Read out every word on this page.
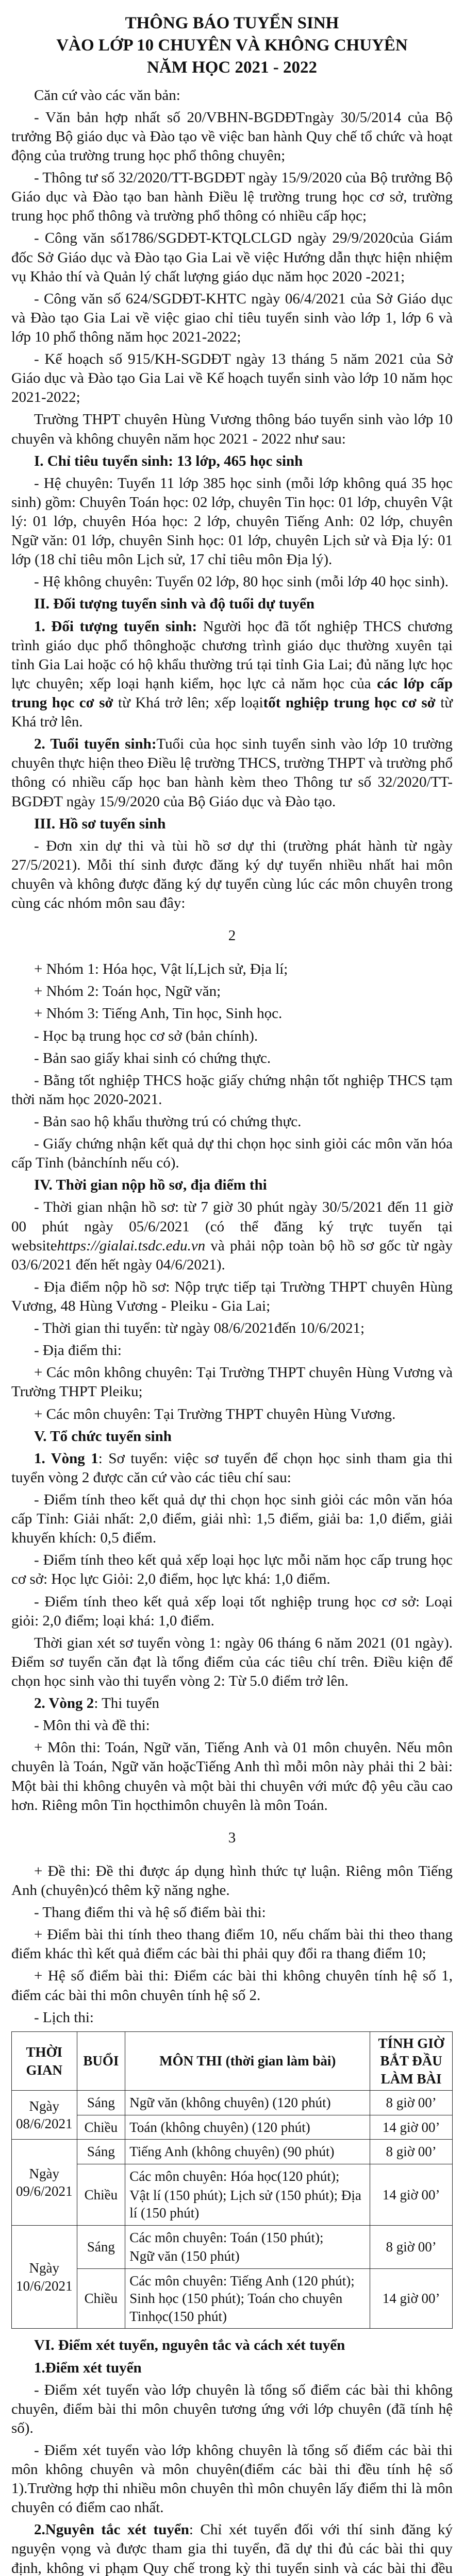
THÔNG BÁO TUYỂN SINH
VÀO LỚP 10 CHUYÊN VÀ KHÔNG CHUYÊN
NĂM HỌC 2021 - 2022

Căn cứ vào các văn bản:

- Văn bản hợp nhất số 20/VBHN-BGDĐTngày 30/5/2014 của Bộ trưởng Bộ giáo dục và Đào tạo về việc ban hành Quy chế tổ chức và hoạt động của trường trung học phổ thông chuyên;

- Thông tư số 32/2020/TT-BGDĐT ngày 15/9/2020 của Bộ trưởng Bộ Giáo dục và Đào tạo ban hành Điều lệ trường trung học cơ sở, trường trung học phổ thông và trường phổ thông có nhiều cấp học;

- Công văn số1786/SGDĐT-KTQLCLGD ngày 29/9/2020của Giám đốc Sở Giáo dục và Đào tạo Gia Lai về việc Hướng dẫn thực hiện nhiệm vụ Khảo thí và Quản lý chất lượng giáo dục năm học 2020 -2021;

- Công văn số 624/SGDĐT-KHTC ngày 06/4/2021 của Sở Giáo dục và Đào tạo Gia Lai về việc giao chỉ tiêu tuyển sinh vào lớp 1, lớp 6 và lớp 10 phổ thông năm học 2021-2022;

- Kế hoạch số 915/KH-SGDĐT ngày 13 tháng 5 năm 2021 của Sở Giáo dục và Đào tạo Gia Lai về Kế hoạch tuyển sinh vào lớp 10 năm học 2021-2022;

Trường THPT chuyên Hùng Vương thông báo tuyển sinh vào lớp 10 chuyên và không chuyên năm học 2021 - 2022 như sau:

I. Chỉ tiêu tuyển sinh: 13 lớp, 465 học sinh

- Hệ chuyên: Tuyển 11 lớp 385 học sinh (mỗi lớp không quá 35 học sinh) gồm: Chuyên Toán học: 02 lớp, chuyên Tin học: 01 lớp, chuyên Vật lý: 01 lớp, chuyên Hóa học: 2 lớp, chuyên Tiếng Anh: 02 lớp, chuyên Ngữ văn: 01 lớp, chuyên Sinh học: 01 lớp, chuyên Lịch sử và Địa lý: 01 lớp (18 chỉ tiêu môn Lịch sử, 17 chỉ tiêu môn Địa lý).

- Hệ không chuyên: Tuyển 02 lớp, 80 học sinh (mỗi lớp 40 học sinh).

II. Đối tượng tuyển sinh và độ tuổi dự tuyển

1. Đối tượng tuyển sinh: Người học đã tốt nghiệp THCS chương trình giáo dục phổ thônghoặc chương trình giáo dục thường xuyên tại tỉnh Gia Lai hoặc có hộ khẩu thường trú tại tỉnh Gia Lai; đủ năng lực học lực chuyên; xếp loại hạnh kiểm, học lực cả năm học của các lớp cấp trung học cơ sở từ Khá trở lên; xếp loạitốt nghiệp trung học cơ sở từ Khá trở lên.

2. Tuổi tuyển sinh:Tuổi của học sinh tuyển sinh vào lớp 10 trường chuyên thực hiện theo Điều lệ trường THCS, trường THPT và trường phổ thông có nhiều cấp học ban hành kèm theo Thông tư số 32/2020/TT-BGDĐT ngày 15/9/2020 của Bộ Giáo dục và Đào tạo.

III. Hồ sơ tuyển sinh

- Đơn xin dự thi và tùi hồ sơ dự thi (trường phát hành từ ngày 27/5/2021). Mỗi thí sinh được đăng ký dự tuyển nhiều nhất hai môn chuyên và không được đăng ký dự tuyển cùng lúc các môn chuyên trong cùng các nhóm môn sau đây:

2

+ Nhóm 1: Hóa học, Vật lí,Lịch sử, Địa lí;

+ Nhóm 2: Toán học, Ngữ văn;

+ Nhóm 3: Tiếng Anh, Tin học, Sinh học.

- Học bạ trung học cơ sở (bản chính).

- Bản sao giấy khai sinh có chứng thực.

- Bằng tốt nghiệp THCS hoặc giấy chứng nhận tốt nghiệp THCS tạm thời năm học 2020-2021.

- Bản sao hộ khẩu thường trú có chứng thực.

- Giấy chứng nhận kết quả dự thi chọn học sinh giỏi các môn văn hóa cấp Tỉnh (bảnchính nếu có).

IV. Thời gian nộp hồ sơ, địa điểm thi

- Thời gian nhận hồ sơ: từ 7 giờ 30 phút ngày 30/5/2021 đến 11 giờ 00 phút ngày 05/6/2021 (có thể đăng ký trực tuyến tại websitehttps://gialai.tsdc.edu.vn và phải nộp toàn bộ hồ sơ gốc từ ngày 03/6/2021 đến hết ngày 04/6/2021).

- Địa điểm nộp hồ sơ: Nộp trực tiếp tại Trường THPT chuyên Hùng Vương, 48 Hùng Vương - Pleiku - Gia Lai;

- Thời gian thi tuyển: từ ngày 08/6/2021đến 10/6/2021;

- Địa điểm thi:

+ Các môn không chuyên: Tại Trường THPT chuyên Hùng Vương và Trường THPT Pleiku;

+ Các môn chuyên: Tại Trường THPT chuyên Hùng Vương.

V. Tổ chức tuyển sinh

1. Vòng 1: Sơ tuyển: việc sơ tuyển để chọn học sinh tham gia thi tuyển vòng 2 được căn cứ vào các tiêu chí sau:

- Điểm tính theo kết quả dự thi chọn học sinh giỏi các môn văn hóa cấp Tỉnh: Giải nhất: 2,0 điểm, giải nhì: 1,5 điểm, giải ba: 1,0 điểm, giải khuyến khích: 0,5 điểm.

- Điểm tính theo kết quả xếp loại học lực mỗi năm học cấp trung học cơ sở: Học lực Giỏi: 2,0 điểm, học lực khá: 1,0 điểm.

- Điểm tính theo kết quả xếp loại tốt nghiệp trung học cơ sở: Loại giỏi: 2,0 điểm; loại khá: 1,0 điểm.

Thời gian xét sơ tuyển vòng 1: ngày 06 tháng 6 năm 2021 (01 ngày). Điểm sơ tuyển căn đạt là tổng điểm của các tiêu chí trên. Điều kiện để chọn học sinh vào thi tuyển vòng 2: Từ 5.0 điểm trở lên.

2. Vòng 2: Thi tuyển

- Môn thi và đề thi:

+ Môn thi: Toán, Ngữ văn, Tiếng Anh và 01 môn chuyên. Nếu môn chuyên là Toán, Ngữ văn hoặcTiếng Anh thì mỗi môn này phải thi 2 bài: Một bài thi không chuyên và một bài thi chuyên với mức độ yêu cầu cao hơn. Riêng môn Tin họcthimôn chuyên là môn Toán.

3

+ Đề thi: Đề thi được áp dụng hình thức tự luận. Riêng môn Tiếng Anh (chuyên)có thêm kỹ năng nghe.

- Thang điểm thi và hệ số điểm bài thi:

+ Điểm bài thi tính theo thang điểm 10, nếu chấm bài thi theo thang điểm khác thì kết quả điểm các bài thi phải quy đổi ra thang điểm 10;

+ Hệ số điểm bài thi: Điểm các bài thi không chuyên tính hệ số 1, điểm các bài thi môn chuyên tính hệ số 2.

- Lịch thi:

THỜI GIAN	BUỔI	MÔN THI (thời gian làm bài)	TÍNH GIỜ BẮT ĐẦU LÀM BÀI
Ngày 08/6/2021	Sáng	Ngữ văn (không chuyên) (120 phút)	8 giờ 00’
	Chiều	Toán (không chuyên) (120 phút)	14 giờ 00’
Ngày 09/6/2021	Sáng	Tiếng Anh (không chuyên) (90 phút)	8 giờ 00’
	Chiều	Các môn chuyên: Hóa học(120 phút);
Vật lí (150 phút); Lịch sử (150 phút); Địa lí (150 phút)	14 giờ 00’
Ngày 10/6/2021	Sáng	Các môn chuyên: Toán (150 phút);
Ngữ văn (150 phút)	8 giờ 00’
	Chiều	Các môn chuyên: Tiếng Anh (120 phút); Sinh học (150 phút); Toán cho chuyên Tinhọc(150 phút)	14 giờ 00’

VI. Điểm xét tuyển, nguyên tắc và cách xét tuyển

1.Điểm xét tuyển

- Điểm xét tuyển vào lớp chuyên là tổng số điểm các bài thi không chuyên, điểm bài thi môn chuyên tương ứng với lớp chuyên (đã tính hệ số).

- Điểm xét tuyển vào lớp không chuyên là tổng số điểm các bài thi môn không chuyên và môn chuyên(điểm các bài thi đều tính hệ số 1).Trường hợp thi nhiều môn chuyên thì môn chuyên lấy điểm thi là môn chuyên có điểm cao nhất.

2.Nguyên tắc xét tuyển: Chỉ xét tuyển đối với thí sinh đăng ký nguyện vọng và được tham gia thi tuyển, đã dự thi đủ các bài thi quy định, không vi phạm Quy chế trong kỳ thi tuyển sinh và các bài thi đều
